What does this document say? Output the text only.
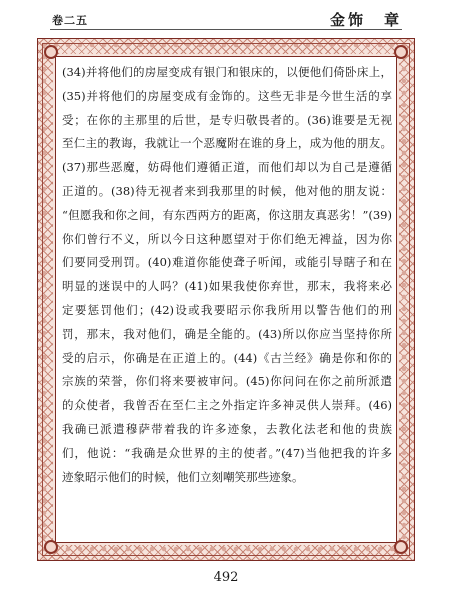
卷二五	金饰　章
(34)并将他们的房屋变成有银门和银床的，以便他们倚卧床上，
(35)并将他们的房屋变成有金饰的。这些无非是今世生活的享
受；在你的主那里的后世，是专归敬畏者的。(36)谁要是无视
至仁主的教诲，我就让一个恶魔附在谁的身上，成为他的朋友。
(37)那些恶魔，妨碍他们遵循正道，而他们却以为自己是遵循
正道的。(38)待无视者来到我那里的时候，他对他的朋友说：
“但愿我和你之间，有东西两方的距离，你这朋友真恶劣！”(39)
你们曾行不义，所以今日这种愿望对于你们绝无裨益，因为你
们要同受刑罚。(40)难道你能使聋子听闻，或能引导瞎子和在
明显的迷误中的人吗？(41)如果我使你弃世，那末，我将来必
定要惩罚他们；(42)设或我要昭示你我所用以警告他们的刑
罚，那末，我对他们，确是全能的。(43)所以你应当坚持你所
受的启示，你确是在正道上的。(44)《古兰经》确是你和你的
宗族的荣誉，你们将来要被审问。(45)你问问在你之前所派遣
的众使者，我曾否在至仁主之外指定许多神灵供人崇拜。(46)
我确已派遣穆萨带着我的许多迹象，去教化法老和他的贵族
们，他说：“我确是众世界的主的使者。”(47)当他把我的许多
迹象昭示他们的时候，他们立刻嘲笑那些迹象。
492
